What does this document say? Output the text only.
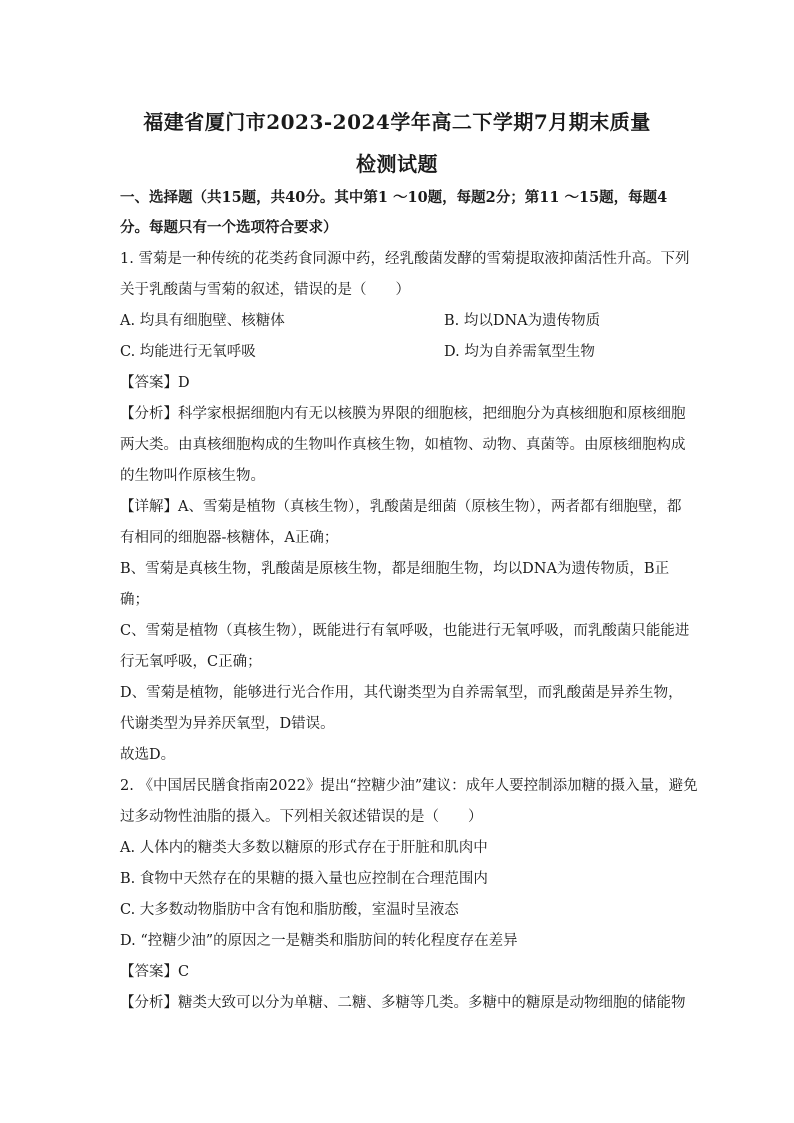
福建省厦门市2023-2024学年高二下学期7月期末质量
检测试题
一、选择题（共15题，共40分。其中第1 ～10题，每题2分；第11 ～15题，每题4
分。每题只有一个选项符合要求）
1. 雪菊是一种传统的花类药食同源中药，经乳酸菌发酵的雪菊提取液抑菌活性升高。下列
关于乳酸菌与雪菊的叙述，错误的是（　　）
A. 均具有细胞壁、核糖体	B. 均以DNA为遗传物质
C. 均能进行无氧呼吸	D. 均为自养需氧型生物
【答案】D
【分析】科学家根据细胞内有无以核膜为界限的细胞核，把细胞分为真核细胞和原核细胞
两大类。由真核细胞构成的生物叫作真核生物，如植物、动物、真菌等。由原核细胞构成
的生物叫作原核生物。
【详解】A、雪菊是植物（真核生物），乳酸菌是细菌（原核生物），两者都有细胞壁，都
有相同的细胞器-核糖体，A正确；
B、雪菊是真核生物，乳酸菌是原核生物，都是细胞生物，均以DNA为遗传物质，B正
确；
C、雪菊是植物（真核生物），既能进行有氧呼吸，也能进行无氧呼吸，而乳酸菌只能能进
行无氧呼吸，C正确；
D、雪菊是植物，能够进行光合作用，其代谢类型为自养需氧型，而乳酸菌是异养生物，
代谢类型为异养厌氧型，D错误。
故选D。
2. 《中国居民膳食指南2022》提出“控糖少油”建议：成年人要控制添加糖的摄入量，避免
过多动物性油脂的摄入。下列相关叙述错误的是（　　）
A. 人体内的糖类大多数以糖原的形式存在于肝脏和肌肉中
B. 食物中天然存在的果糖的摄入量也应控制在合理范围内
C. 大多数动物脂肪中含有饱和脂肪酸，室温时呈液态
D. “控糖少油”的原因之一是糖类和脂肪间的转化程度存在差异
【答案】C
【分析】糖类大致可以分为单糖、二糖、多糖等几类。多糖中的糖原是动物细胞的储能物
